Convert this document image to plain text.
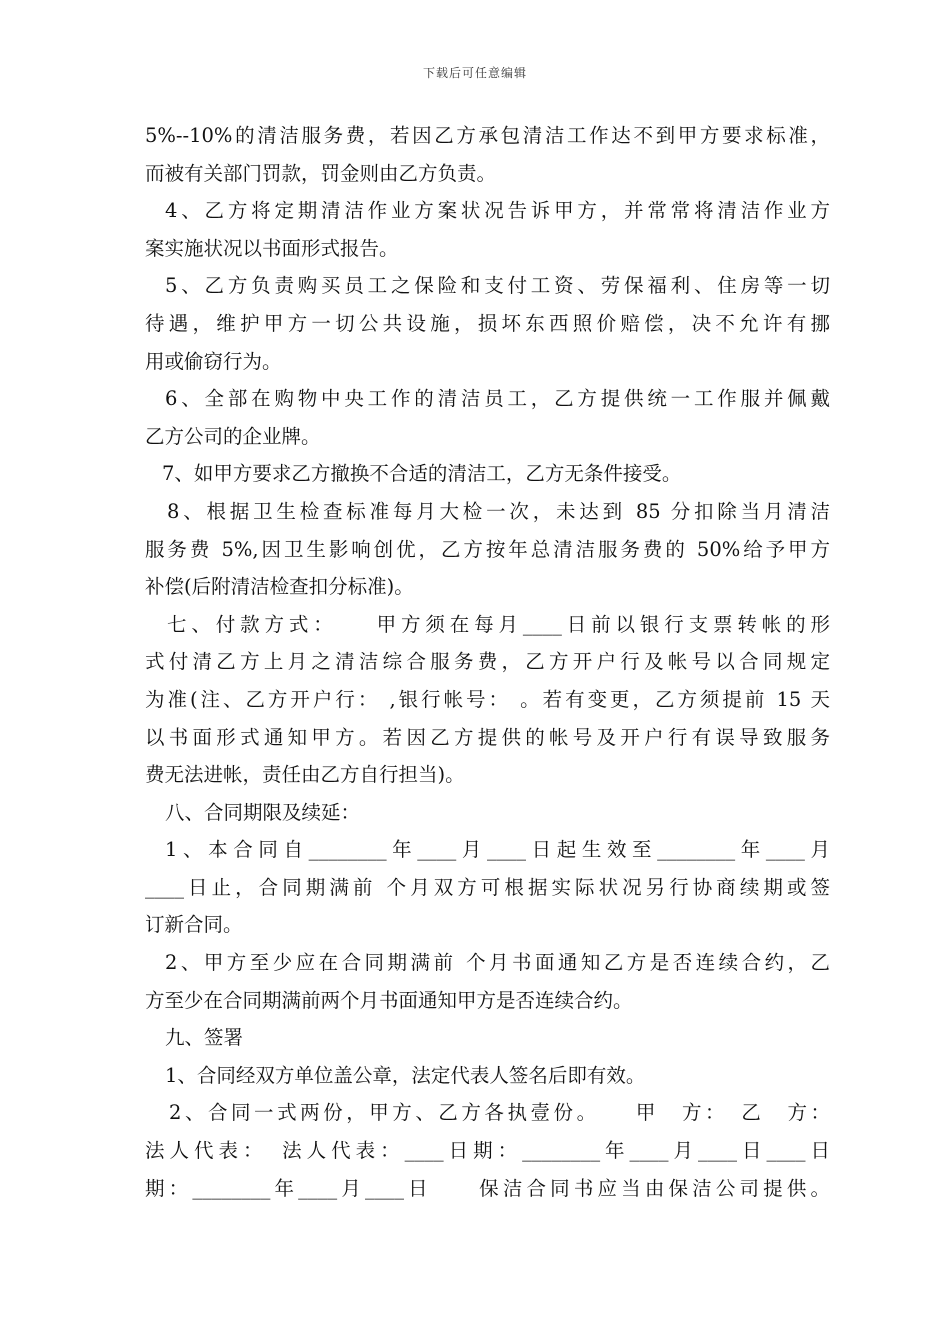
下载后可任意编辑
5%--10%的清洁服务费，若因乙方承包清洁工作达不到甲方要求标准，
而被有关部门罚款，罚金则由乙方负责。
4、乙方将定期清洁作业方案状况告诉甲方，并常常将清洁作业方
案实施状况以书面形式报告。
5、乙方负责购买员工之保险和支付工资、劳保福利、住房等一切
待遇，维护甲方一切公共设施，损坏东西照价赔偿，决不允许有挪
用或偷窃行为。
6、全部在购物中央工作的清洁员工，乙方提供统一工作服并佩戴
乙方公司的企业牌。
7、如甲方要求乙方撤换不合适的清洁工，乙方无条件接受。
8、根据卫生检查标准每月大检一次，未达到 85 分扣除当月清洁
服务费 5%,因卫生影响创优，乙方按年总清洁服务费的 50%给予甲方
补偿(后附清洁检查扣分标准)。
七、付款方式：　　甲方须在每月____日前以银行支票转帐的形
式付清乙方上月之清洁综合服务费，乙方开户行及帐号以合同规定
为准(注、乙方开户行： ,银行帐号： 。若有变更，乙方须提前 15 天
以书面形式通知甲方。若因乙方提供的帐号及开户行有误导致服务
费无法进帐，责任由乙方自行担当)。
八、合同期限及续延：
1、本合同自________年____月____日起生效至________年____月
____日止，合同期满前 个月双方可根据实际状况另行协商续期或签
订新合同。
2、甲方至少应在合同期满前 个月书面通知乙方是否连续合约，乙
方至少在合同期满前两个月书面通知甲方是否连续合约。
九、签署
1、合同经双方单位盖公章，法定代表人签名后即有效。
2、合同一式两份，甲方、乙方各执壹份。　　甲　方：　乙　方：
法人代表：　法人代表：____日期：________年____月____日____日
期：________年____月____日　　保洁合同书应当由保洁公司提供。
